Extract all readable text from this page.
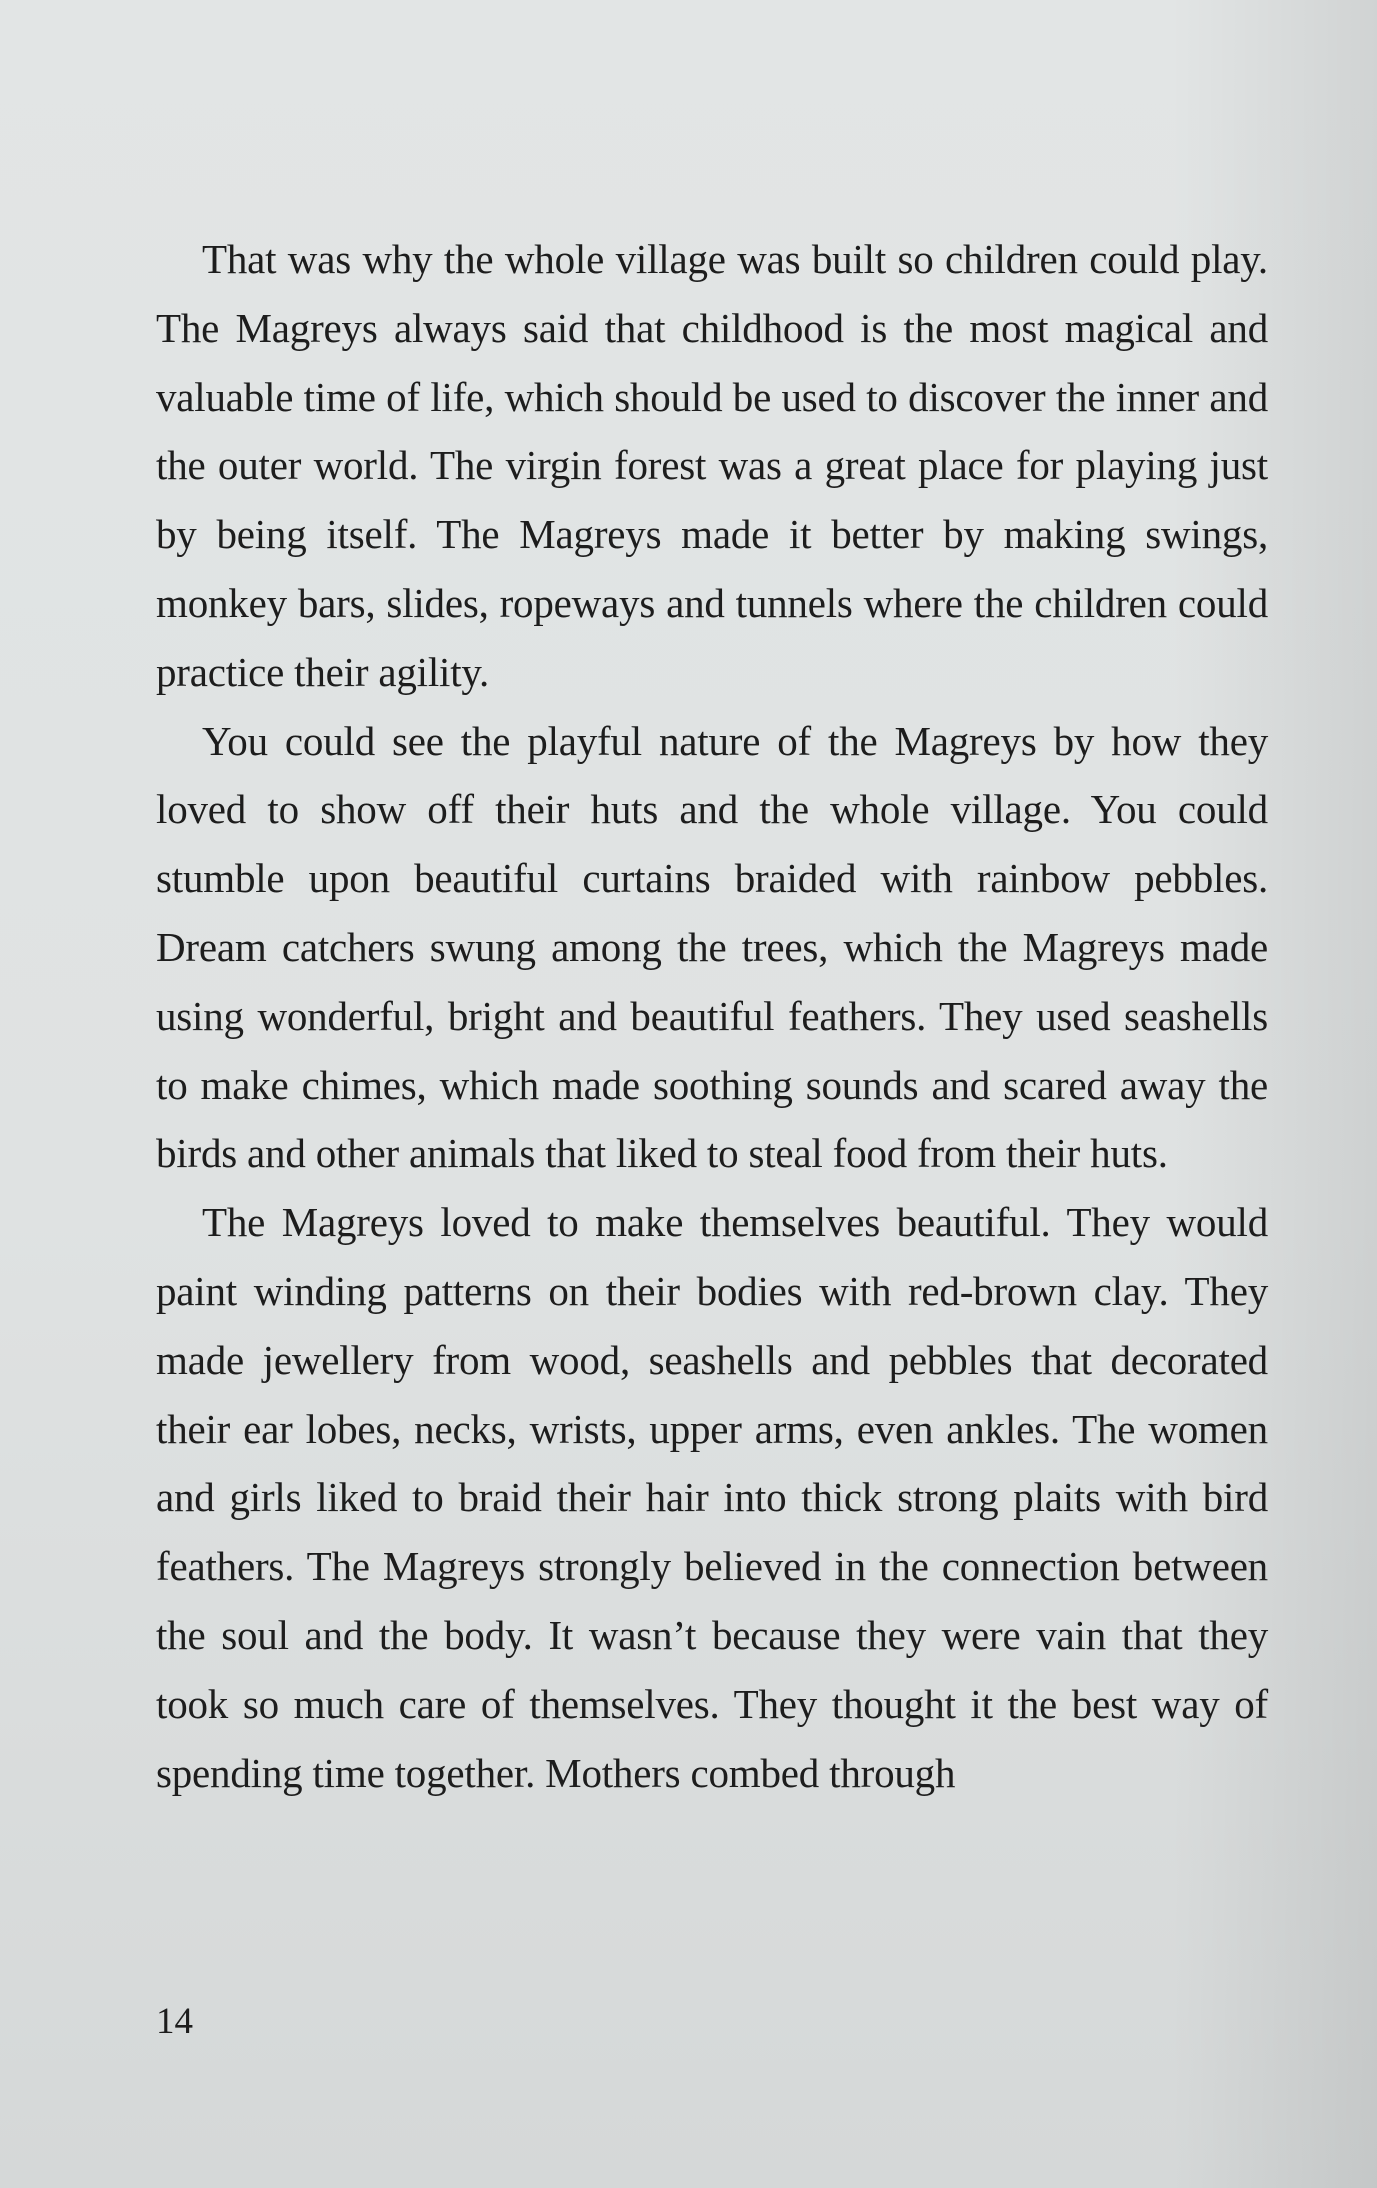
That was why the whole village was built so children could play. The Magreys always said that childhood is the most magical and valuable time of life, which should be used to discover the inner and the outer world. The virgin forest was a great place for playing just by being itself. The Magreys made it better by making swings, monkey bars, slides, ropeways and tunnels where the children could practice their agility.

You could see the playful nature of the Magreys by how they loved to show off their huts and the whole village. You could stumble upon beautiful curtains braided with rainbow pebbles. Dream catchers swung among the trees, which the Magreys made using wonderful, bright and beautiful feathers. They used seashells to make chimes, which made soothing sounds and scared away the birds and other animals that liked to steal food from their huts.

The Magreys loved to make themselves beautiful. They would paint winding patterns on their bodies with red-brown clay. They made jewellery from wood, seashells and pebbles that decorated their ear lobes, necks, wrists, upper arms, even ankles. The women and girls liked to braid their hair into thick strong plaits with bird feathers. The Magreys strongly believed in the connection between the soul and the body. It wasn’t because they were vain that they took so much care of themselves. They thought it the best way of spending time together. Mothers combed through

14
